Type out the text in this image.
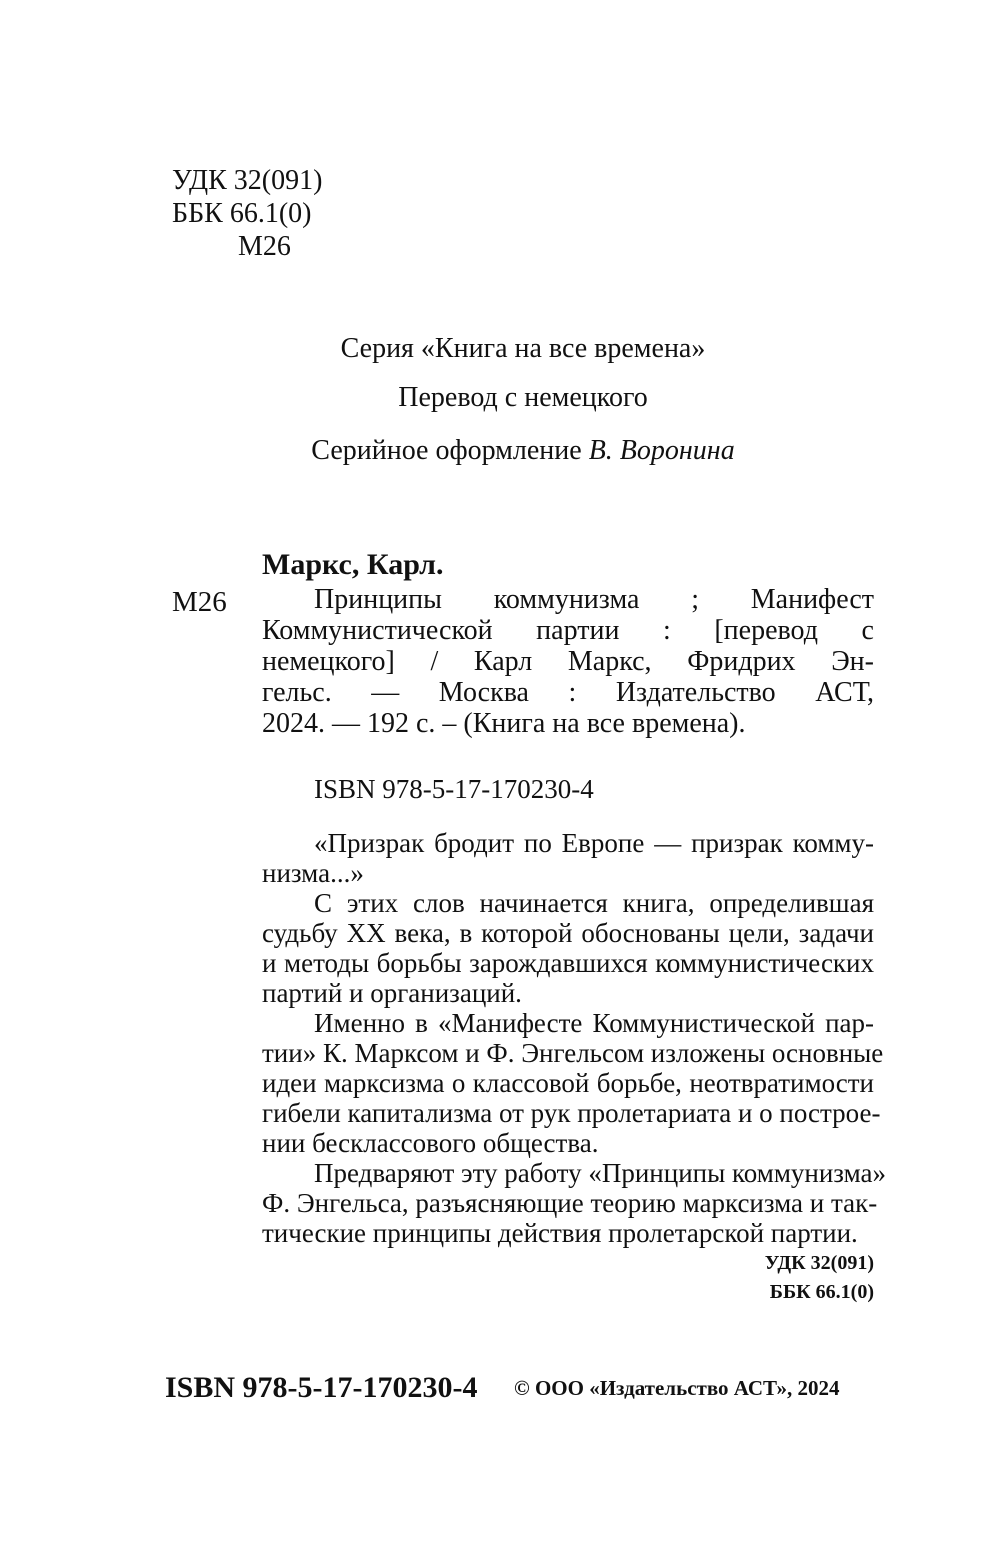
УДК 32(091)
ББК 66.1(0)
М26
Серия «Книга на все времена»
Перевод с немецкого
Серийное оформление В. Воронина
Маркс, Карл.
М26	Принципы коммунизма ; Манифест
Коммунистической партии : [перевод с
немецкого] / Карл Маркс, Фридрих Эн-
гельс. — Москва : Издательство АСТ,
2024. — 192 с. – (Книга на все времена).
ISBN 978-5-17-170230-4
«Призрак бродит по Европе — призрак комму-
низма...»
С этих слов начинается книга, определившая
судьбу XX века, в которой обоснованы цели, задачи
и методы борьбы зарождавшихся коммунистических
партий и организаций.
Именно в «Манифесте Коммунистической пар-
тии» К. Марксом и Ф. Энгельсом изложены основные
идеи марксизма о классовой борьбе, неотвратимости
гибели капитализма от рук пролетариата и о построе-
нии бесклассового общества.
Предваряют эту работу «Принципы коммунизма»
Ф. Энгельса, разъясняющие теорию марксизма и так-
тические принципы действия пролетарской партии.
УДК 32(091)
ББК 66.1(0)
ISBN 978-5-17-170230-4 © ООО «Издательство АСТ», 2024
